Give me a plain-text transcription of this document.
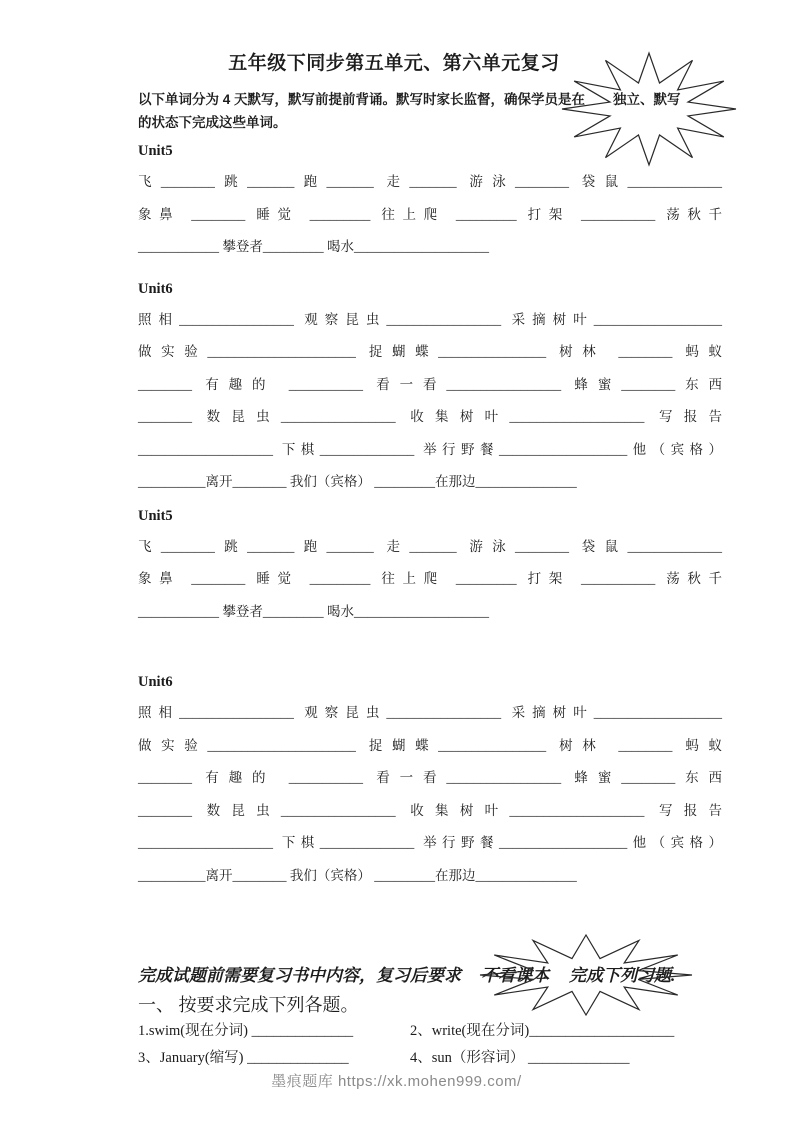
五年级下同步第五单元、第六单元复习
以下单词分为 4 天默写，默写前提前背诵。默写时家长监督，确保学员是在 独立、默写
的状态下完成这些单词。
Unit5
飞________跳_______跑_______ 走_______ 游泳________ 袋鼠______________
象鼻 ________ 睡觉 _________ 往上爬 _________ 打架 ___________ 荡秋千
____________ 攀登者_________ 喝水____________________
Unit6
照相_________________ 观察昆虫_________________ 采摘树叶___________________
做实验______________________ 捉蝴蝶________________ 树林 ________ 蚂蚁
________ 有趣的 ___________ 看一看_________________ 蜂蜜________东西
________ 数昆虫_________________ 收集树叶____________________ 写报告
____________________ 下棋______________ 举行野餐___________________他（宾格）
__________离开________ 我们（宾格） _________在那边_______________
Unit5
飞________跳_______跑_______ 走_______ 游泳________ 袋鼠______________
象鼻 ________ 睡觉 _________ 往上爬 _________ 打架 ___________ 荡秋千
____________ 攀登者_________ 喝水____________________
Unit6
照相_________________ 观察昆虫_________________ 采摘树叶___________________
做实验______________________ 捉蝴蝶________________ 树林 ________ 蚂蚁
________ 有趣的 ___________ 看一看_________________ 蜂蜜________东西
________ 数昆虫_________________ 收集树叶____________________ 写报告
____________________ 下棋______________ 举行野餐___________________他（宾格）
__________离开________ 我们（宾格） _________在那边_______________
完成试题前需要复习书中内容，复习后要求 不看课本 完成下列习题.
一、 按要求完成下列各题。
1.swim(现在分词) ______________	2、write(现在分词)____________________
3、January(缩写) ______________	4、sun（形容词） ______________
墨痕题库 https://xk.mohen999.com/
